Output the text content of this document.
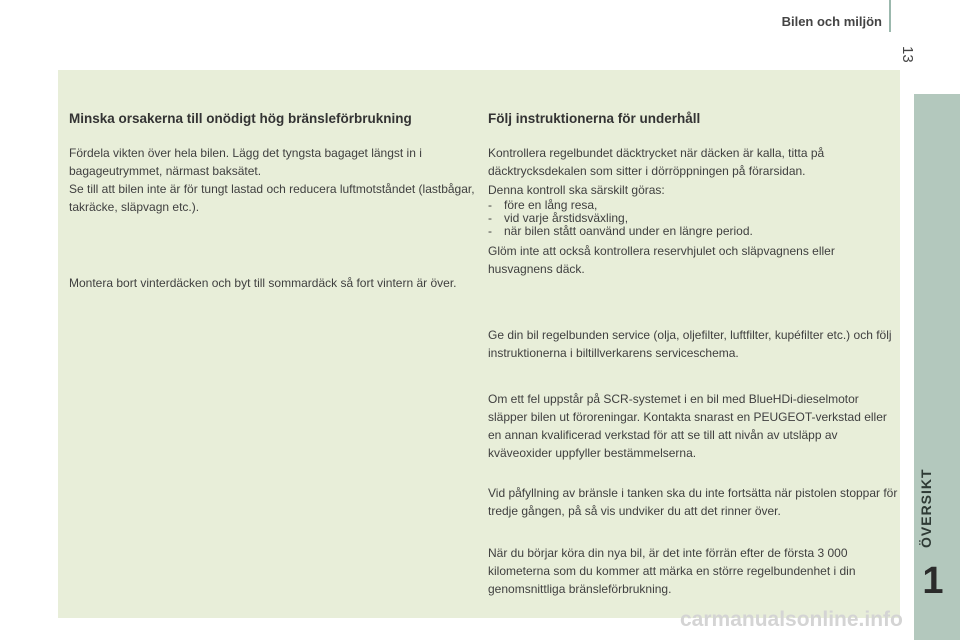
Bilen och miljön
13
Minska orsakerna till onödigt hög bränsleförbrukning

Fördela vikten över hela bilen. Lägg det tyngsta bagaget längst in i bagageutrymmet, närmast baksätet.

Se till att bilen inte är för tungt lastad och reducera luftmotståndet (lastbågar, takräcke, släpvagn etc.).

Montera bort vinterdäcken och byt till sommardäck så fort vintern är över.

Följ instruktionerna för underhåll

Kontrollera regelbundet däcktrycket när däcken är kalla, titta på däcktrycksdekalen som sitter i dörröppningen på förarsidan.

Denna kontroll ska särskilt göras:

- före en lång resa,
- vid varje årstidsväxling,
- när bilen stått oanvänd under en längre period.

Glöm inte att också kontrollera reservhjulet och släpvagnens eller husvagnens däck.

Ge din bil regelbunden service (olja, oljefilter, luftfilter, kupéfilter etc.) och följ instruktionerna i biltillverkarens serviceschema.

Om ett fel uppstår på SCR-systemet i en bil med BlueHDi-dieselmotor släpper bilen ut föroreningar. Kontakta snarast en PEUGEOT-verkstad eller en annan kvalificerad verkstad för att se till att nivån av utsläpp av kväveoxider uppfyller bestämmelserna.

Vid påfyllning av bränsle i tanken ska du inte fortsätta när pistolen stoppar för tredje gången, på så vis undviker du att det rinner över.

När du börjar köra din nya bil, är det inte förrän efter de första 3 000 kilometerna som du kommer att märka en större regelbundenhet i din genomsnittliga bränsleförbrukning.

ÖVERSIKT
1
carmanualsonline.info
